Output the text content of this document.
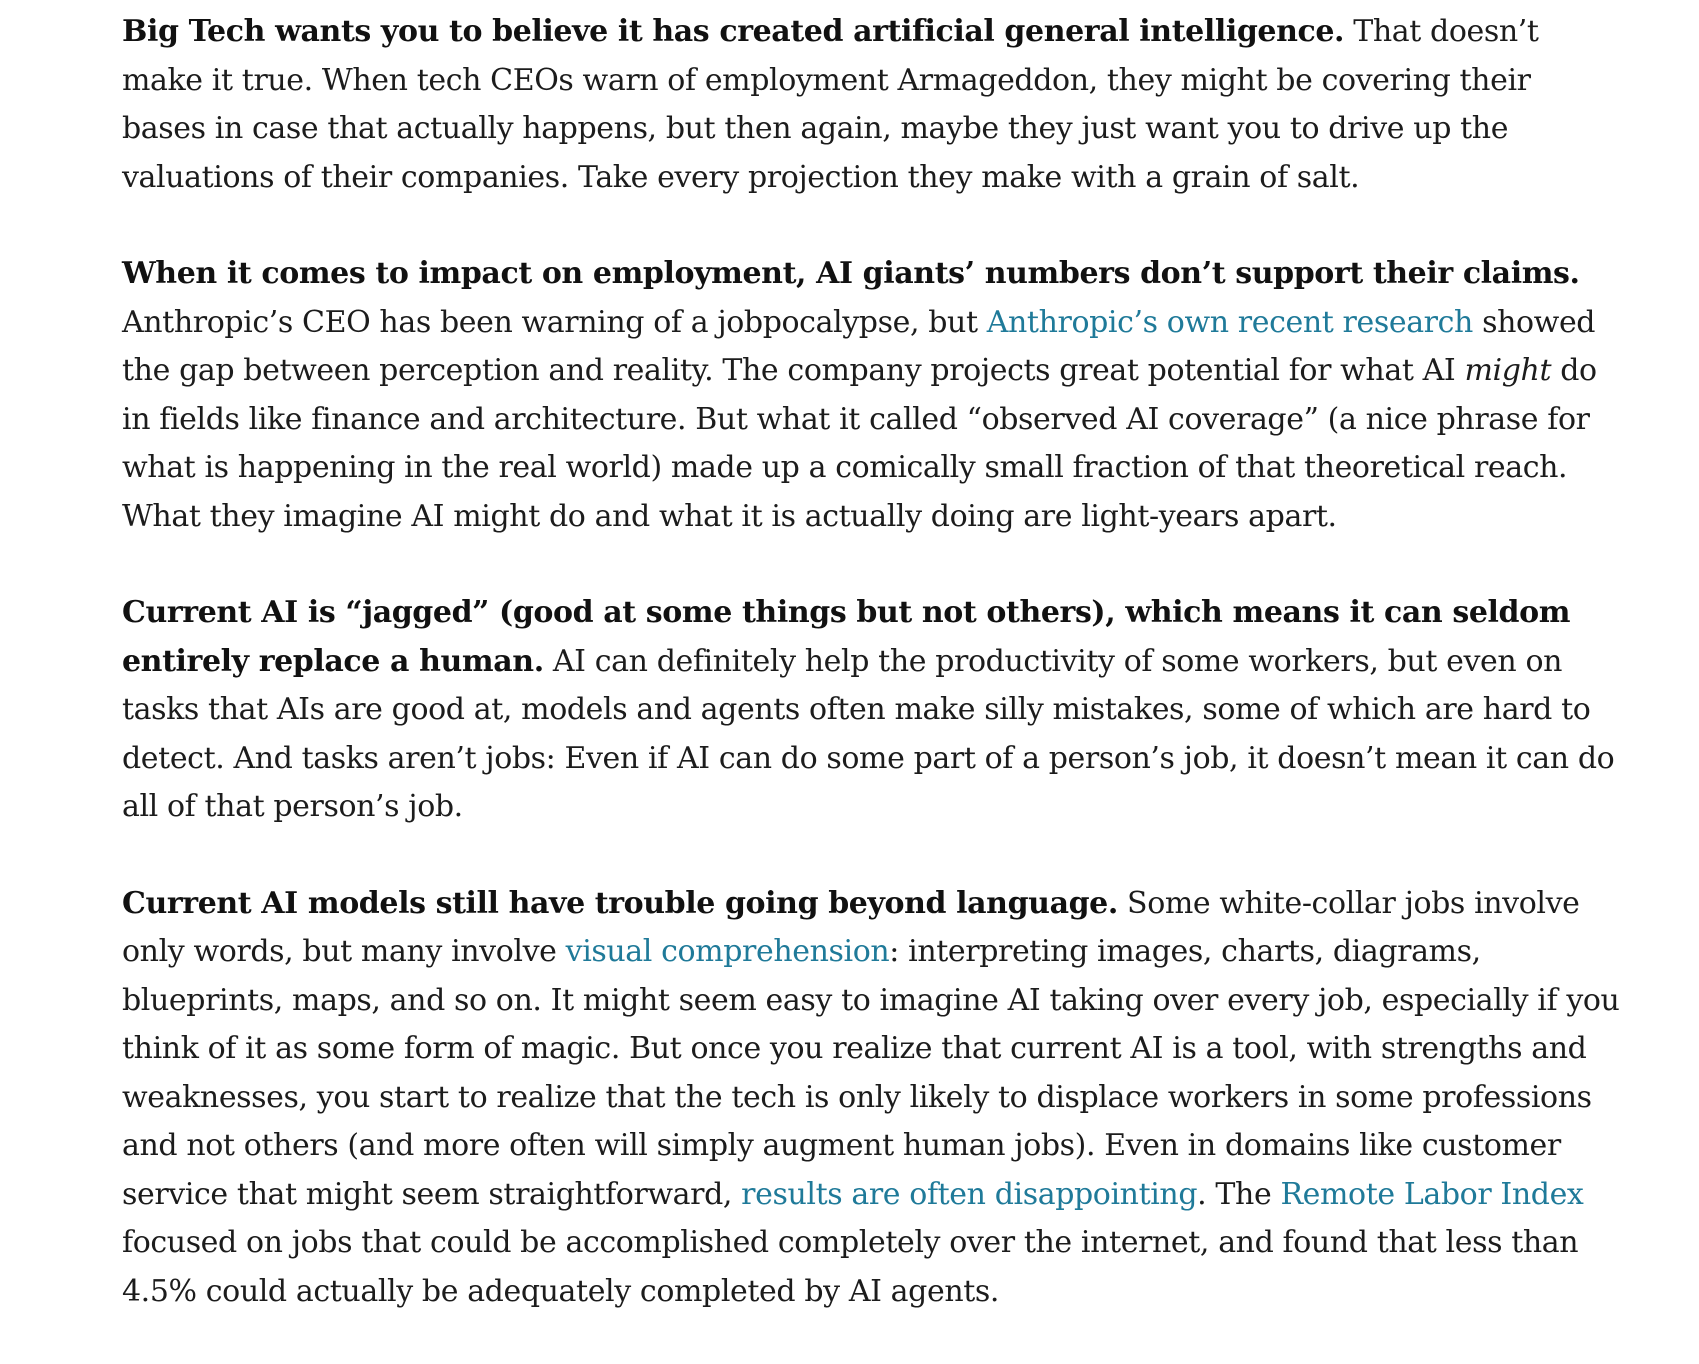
Big Tech wants you to believe it has created artificial general intelligence. That doesn’t make it true. When tech CEOs warn of employment Armageddon, they might be covering their bases in case that actually happens, but then again, maybe they just want you to drive up the valuations of their companies. Take every projection they make with a grain of salt.

When it comes to impact on employment, AI giants’ numbers don’t support their claims. Anthropic’s CEO has been warning of a jobpocalypse, but Anthropic’s own recent research showed the gap between perception and reality. The company projects great potential for what AI might do in fields like finance and architecture. But what it called “observed AI coverage” (a nice phrase for what is happening in the real world) made up a comically small fraction of that theoretical reach. What they imagine AI might do and what it is actually doing are light-years apart.

Current AI is “jagged” (good at some things but not others), which means it can seldom entirely replace a human. AI can definitely help the productivity of some workers, but even on tasks that AIs are good at, models and agents often make silly mistakes, some of which are hard to detect. And tasks aren’t jobs: Even if AI can do some part of a person’s job, it doesn’t mean it can do all of that person’s job.

Current AI models still have trouble going beyond language. Some white-collar jobs involve only words, but many involve visual comprehension: interpreting images, charts, diagrams, blueprints, maps, and so on. It might seem easy to imagine AI taking over every job, especially if you think of it as some form of magic. But once you realize that current AI is a tool, with strengths and weaknesses, you start to realize that the tech is only likely to displace workers in some professions and not others (and more often will simply augment human jobs). Even in domains like customer service that might seem straightforward, results are often disappointing. The Remote Labor Index focused on jobs that could be accomplished completely over the internet, and found that less than 4.5% could actually be adequately completed by AI agents.
